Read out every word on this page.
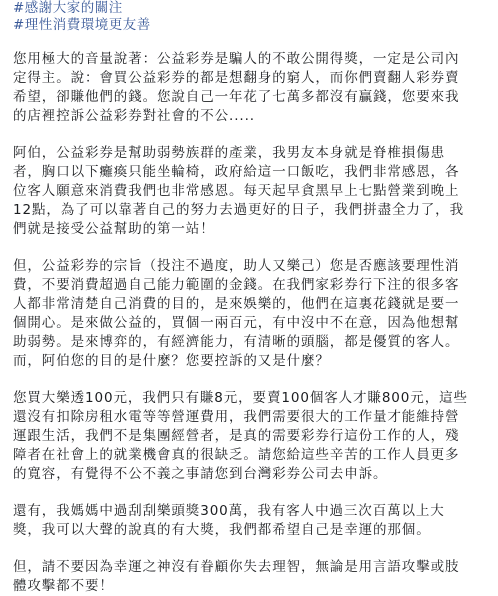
#感謝大家的關注
#理性消費環境更友善

您用極大的音量說著：公益彩券是騙人的不敢公開得獎，一定是公司內
定得主。說：會買公益彩券的都是想翻身的窮人，而你們賣翻人彩券賣
希望，卻賺他們的錢。您說自己一年花了七萬多都沒有贏錢，您要來我
的店裡控訴公益彩券對社會的不公.....

阿伯，公益彩券是幫助弱勢族群的產業，我男友本身就是脊椎損傷患
者，胸口以下癱瘓只能坐輪椅，政府給這一口飯吃，我們非常感恩，各
位客人願意來消費我們也非常感恩。每天起早貪黑早上七點營業到晚上
12點，為了可以靠著自己的努力去過更好的日子，我們拼盡全力了，我
們就是接受公益幫助的第一站！

但，公益彩券的宗旨（投注不過度，助人又樂己）您是否應該要理性消
費，不要消費超過自己能力範圍的金錢。在我們家彩券行下注的很多客
人都非常清楚自己消費的目的，是來娛樂的，他們在這裏花錢就是要一
個開心。是來做公益的，買個一兩百元，有中沒中不在意，因為他想幫
助弱勢。是來博弈的，有經濟能力，有清晰的頭腦，都是優質的客人。
而，阿伯您的目的是什麼？您要控訴的又是什麼？

您買大樂透100元，我們只有賺8元，要賣100個客人才賺800元，這些
還沒有扣除房租水電等等營運費用，我們需要很大的工作量才能維持營
運跟生活，我們不是集團經營者，是真的需要彩券行這份工作的人，殘
障者在社會上的就業機會真的很缺乏。請您給這些辛苦的工作人員更多
的寬容，有覺得不公不義之事請您到台灣彩券公司去申訴。

還有，我媽媽中過刮刮樂頭獎300萬，我有客人中過三次百萬以上大
獎，我可以大聲的說真的有大獎，我們都希望自己是幸運的那個。

但，請不要因為幸運之神沒有眷顧你失去理智，無論是用言語攻擊或肢
體攻擊都不要！
